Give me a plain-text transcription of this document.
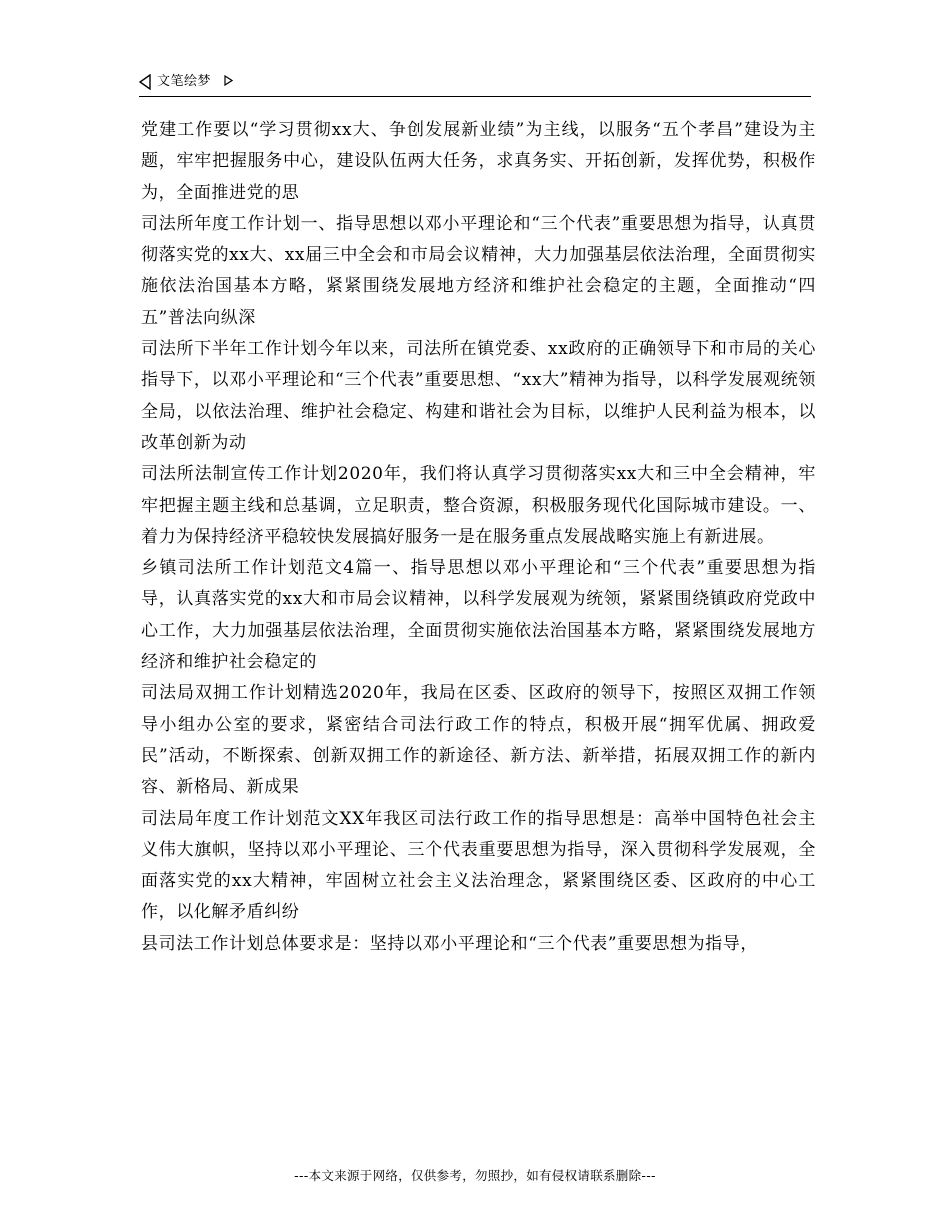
文笔绘梦

党建工作要以“学习贯彻xx大、争创发展新业绩”为主线，以服务“五个孝昌”建设为主题，牢牢把握服务中心，建设队伍两大任务，求真务实、开拓创新，发挥优势，积极作为，全面推进党的思

司法所年度工作计划一、指导思想以邓小平理论和“三个代表”重要思想为指导，认真贯彻落实党的xx大、xx届三中全会和市局会议精神，大力加强基层依法治理，全面贯彻实施依法治国基本方略，紧紧围绕发展地方经济和维护社会稳定的主题，全面推动“四五”普法向纵深

司法所下半年工作计划今年以来，司法所在镇党委、xx政府的正确领导下和市局的关心指导下，以邓小平理论和“三个代表”重要思想、“xx大”精神为指导，以科学发展观统领全局，以依法治理、维护社会稳定、构建和谐社会为目标，以维护人民利益为根本，以改革创新为动

司法所法制宣传工作计划2020年，我们将认真学习贯彻落实xx大和三中全会精神，牢牢把握主题主线和总基调，立足职责，整合资源，积极服务现代化国际城市建设。一、着力为保持经济平稳较快发展搞好服务一是在服务重点发展战略实施上有新进展。

乡镇司法所工作计划范文4篇一、指导思想以邓小平理论和“三个代表”重要思想为指导，认真落实党的xx大和市局会议精神，以科学发展观为统领，紧紧围绕镇政府党政中心工作，大力加强基层依法治理，全面贯彻实施依法治国基本方略，紧紧围绕发展地方经济和维护社会稳定的

司法局双拥工作计划精选2020年，我局在区委、区政府的领导下，按照区双拥工作领导小组办公室的要求，紧密结合司法行政工作的特点，积极开展“拥军优属、拥政爱民”活动，不断探索、创新双拥工作的新途径、新方法、新举措，拓展双拥工作的新内容、新格局、新成果

司法局年度工作计划范文XX年我区司法行政工作的指导思想是：高举中国特色社会主义伟大旗帜，坚持以邓小平理论、三个代表重要思想为指导，深入贯彻科学发展观，全面落实党的xx大精神，牢固树立社会主义法治理念，紧紧围绕区委、区政府的中心工作，以化解矛盾纠纷

县司法工作计划总体要求是：坚持以邓小平理论和“三个代表”重要思想为指导，

---本文来源于网络，仅供参考，勿照抄，如有侵权请联系删除---
